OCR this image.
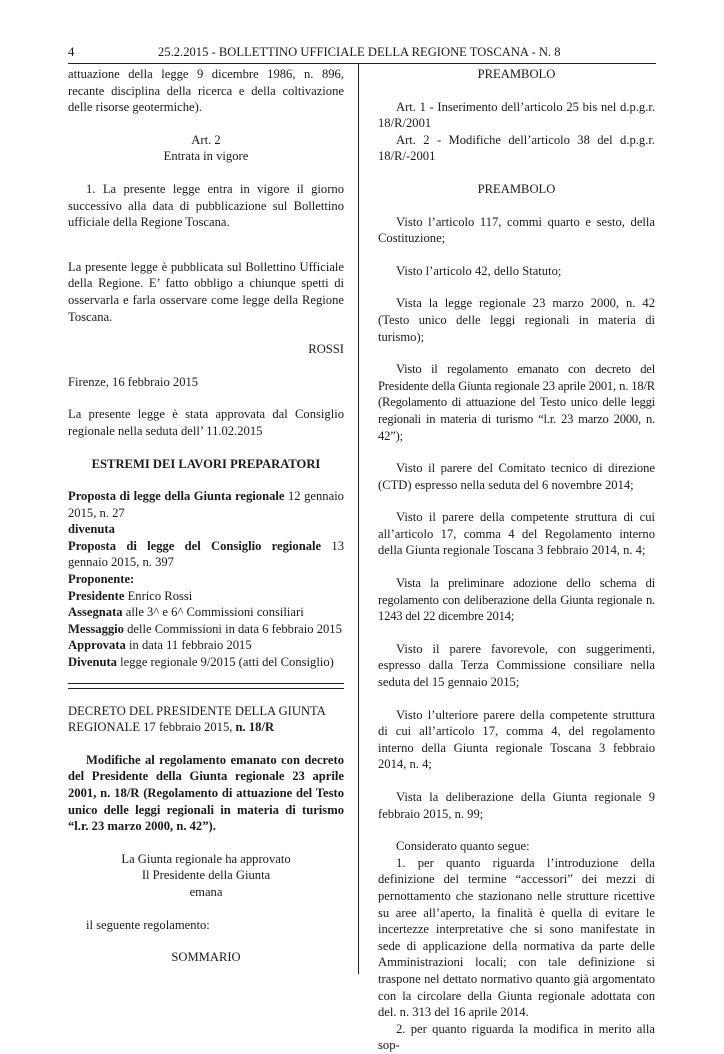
4	25.2.2015 - BOLLETTINO UFFICIALE DELLA REGIONE TOSCANA - N. 8

attuazione della legge 9 dicembre 1986, n. 896, recante disciplina della ricerca e della coltivazione delle risorse geotermiche).

Art. 2

Entrata in vigore

1. La presente legge entra in vigore il giorno successivo alla data di pubblicazione sul Bollettino ufficiale della Regione Toscana.

La presente legge è pubblicata sul Bollettino Ufficiale della Regione. E’ fatto obbligo a chiunque spetti di osservarla e farla osservare come legge della Regione Toscana.

ROSSI

Firenze, 16 febbraio 2015

La presente legge è stata approvata dal Consiglio regionale nella seduta dell’ 11.02.2015

ESTREMI DEI LAVORI PREPARATORI

Proposta di legge della Giunta regionale 12 gennaio 2015, n. 27

divenuta

Proposta di legge del Consiglio regionale 13 gennaio 2015, n. 397

Proponente:

Presidente Enrico Rossi

Assegnata alle 3^ e 6^ Commissioni consiliari

Messaggio delle Commissioni in data 6 febbraio 2015

Approvata in data 11 febbraio 2015

Divenuta legge regionale 9/2015 (atti del Consiglio)

DECRETO DEL PRESIDENTE DELLA GIUNTA REGIONALE 17 febbraio 2015, n. 18/R

Modifiche al regolamento emanato con decreto del Presidente della Giunta regionale 23 aprile 2001, n. 18/R (Regolamento di attuazione del Testo unico delle leggi regionali in materia di turismo “l.r. 23 marzo 2000, n. 42”).

La Giunta regionale ha approvato

Il Presidente della Giunta

emana

il seguente regolamento:

SOMMARIO

PREAMBOLO

Art. 1 - Inserimento dell’articolo 25 bis nel d.p.g.r. 18/R/2001

Art. 2 - Modifiche dell’articolo 38 del d.p.g.r. 18/R/-2001

PREAMBOLO

Visto l’articolo 117, commi quarto e sesto, della Costituzione;

Visto l’articolo 42, dello Statuto;

Vista la legge regionale 23 marzo 2000, n. 42 (Testo unico delle leggi regionali in materia di turismo);

Visto il regolamento emanato con decreto del Presidente della Giunta regionale 23 aprile 2001, n. 18/R (Regolamento di attuazione del Testo unico delle leggi regionali in materia di turismo “l.r. 23 marzo 2000, n. 42”);

Visto il parere del Comitato tecnico di direzione (CTD) espresso nella seduta del 6 novembre 2014;

Visto il parere della competente struttura di cui all’articolo 17, comma 4 del Regolamento interno della Giunta regionale Toscana 3 febbraio 2014, n. 4;

Vista la preliminare adozione dello schema di regolamento con deliberazione della Giunta regionale n. 1243 del 22 dicembre 2014;

Visto il parere favorevole, con suggerimenti, espresso dalla Terza Commissione consiliare nella seduta del 15 gennaio 2015;

Visto l’ulteriore parere della competente struttura di cui all’articolo 17, comma 4, del regolamento interno della Giunta regionale Toscana 3 febbraio 2014, n. 4;

Vista la deliberazione della Giunta regionale 9 febbraio 2015, n. 99;

Considerato quanto segue:

1. per quanto riguarda l’introduzione della definizione del termine “accessori” dei mezzi di pernottamento che stazionano nelle strutture ricettive su aree all’aperto, la finalità è quella di evitare le incertezze interpretative che si sono manifestate in sede di applicazione della normativa da parte delle Amministrazioni locali; con tale definizione si traspone nel dettato normativo quanto già argomentato con la circolare della Giunta regionale adottata con del. n. 313 del 16 aprile 2014.

2. per quanto riguarda la modifica in merito alla sop-
